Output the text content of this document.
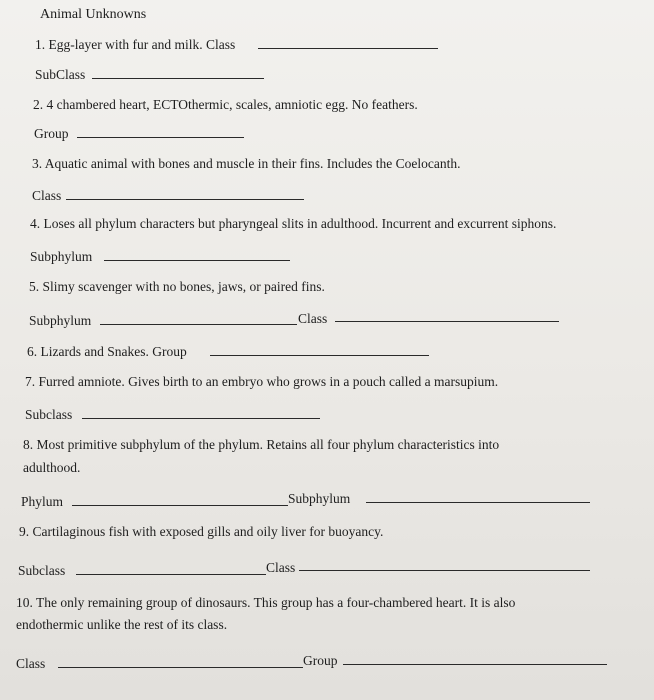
Animal Unknowns
1. Egg-layer with fur and milk. Class
SubClass
2. 4 chambered heart, ECTOthermic, scales, amniotic egg. No feathers.
Group
3. Aquatic animal with bones and muscle in their fins. Includes the Coelocanth.
Class
4. Loses all phylum characters but pharyngeal slits in adulthood. Incurrent and excurrent siphons.
Subphylum
5. Slimy scavenger with no bones, jaws, or paired fins.
Subphylum	Class
6. Lizards and Snakes. Group
7. Furred amniote. Gives birth to an embryo who grows in a pouch called a marsupium.
Subclass
8. Most primitive subphylum of the phylum. Retains all four phylum characteristics into
adulthood.
Phylum	Subphylum
9. Cartilaginous fish with exposed gills and oily liver for buoyancy.
Subclass	Class
10. The only remaining group of dinosaurs. This group has a four-chambered heart. It is also
endothermic unlike the rest of its class.
Class	Group
